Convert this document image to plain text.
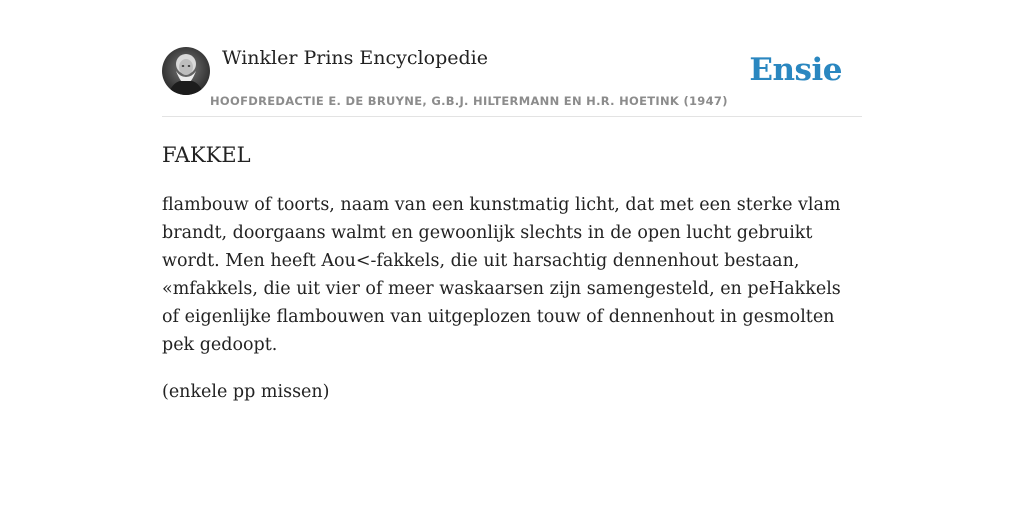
Winkler Prins Encyclopedie
HOOFDREDACTIE E. DE BRUYNE, G.B.J. HILTERMANN EN H.R. HOETINK (1947)
Ensie
FAKKEL

flambouw of toorts, naam van een kunstmatig licht, dat met een sterke vlam brandt, doorgaans walmt en gewoonlijk slechts in de open lucht gebruikt wordt. Men heeft Aou<-fakkels, die uit harsachtig dennenhout bestaan, «mfakkels, die uit vier of meer waskaarsen zijn samengesteld, en peHakkels of eigenlijke flambouwen van uitgeplozen touw of dennenhout in gesmolten pek gedoopt.

(enkele pp missen)
